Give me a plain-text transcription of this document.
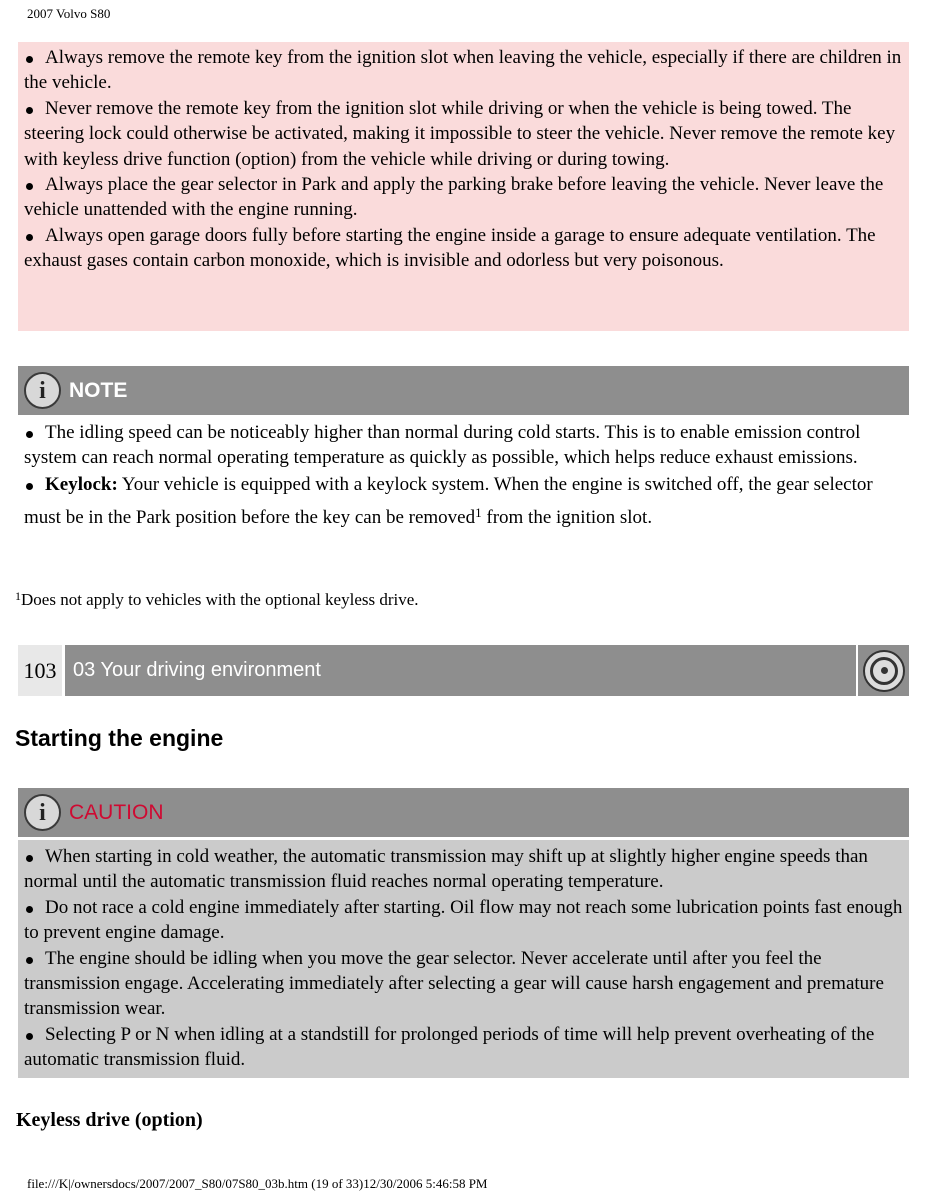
2007 Volvo S80

Always remove the remote key from the ignition slot when leaving the vehicle, especially if there are children in the vehicle.

Never remove the remote key from the ignition slot while driving or when the vehicle is being towed. The steering lock could otherwise be activated, making it impossible to steer the vehicle. Never remove the remote key with keyless drive function (option) from the vehicle while driving or during towing.

Always place the gear selector in Park and apply the parking brake before leaving the vehicle. Never leave the vehicle unattended with the engine running.

Always open garage doors fully before starting the engine inside a garage to ensure adequate ventilation. The exhaust gases contain carbon monoxide, which is invisible and odorless but very poisonous.

i NOTE

The idling speed can be noticeably higher than normal during cold starts. This is to enable emission control system can reach normal operating temperature as quickly as possible, which helps reduce exhaust emissions.

Keylock: Your vehicle is equipped with a keylock system. When the engine is switched off, the gear selector must be in the Park position before the key can be removed$^1$ from the ignition slot.

$^1$Does not apply to vehicles with the optional keyless drive.
103 03 Your driving environment
Starting the engine
i CAUTION

When starting in cold weather, the automatic transmission may shift up at slightly higher engine speeds than normal until the automatic transmission fluid reaches normal operating temperature.

Do not race a cold engine immediately after starting. Oil flow may not reach some lubrication points fast enough to prevent engine damage.

The engine should be idling when you move the gear selector. Never accelerate until after you feel the transmission engage. Accelerating immediately after selecting a gear will cause harsh engagement and premature transmission wear.

Selecting P or N when idling at a standstill for prolonged periods of time will help prevent overheating of the automatic transmission fluid.

Keyless drive (option)
file:///K|/ownersdocs/2007/2007_S80/07S80_03b.htm (19 of 33)12/30/2006 5:46:58 PM
